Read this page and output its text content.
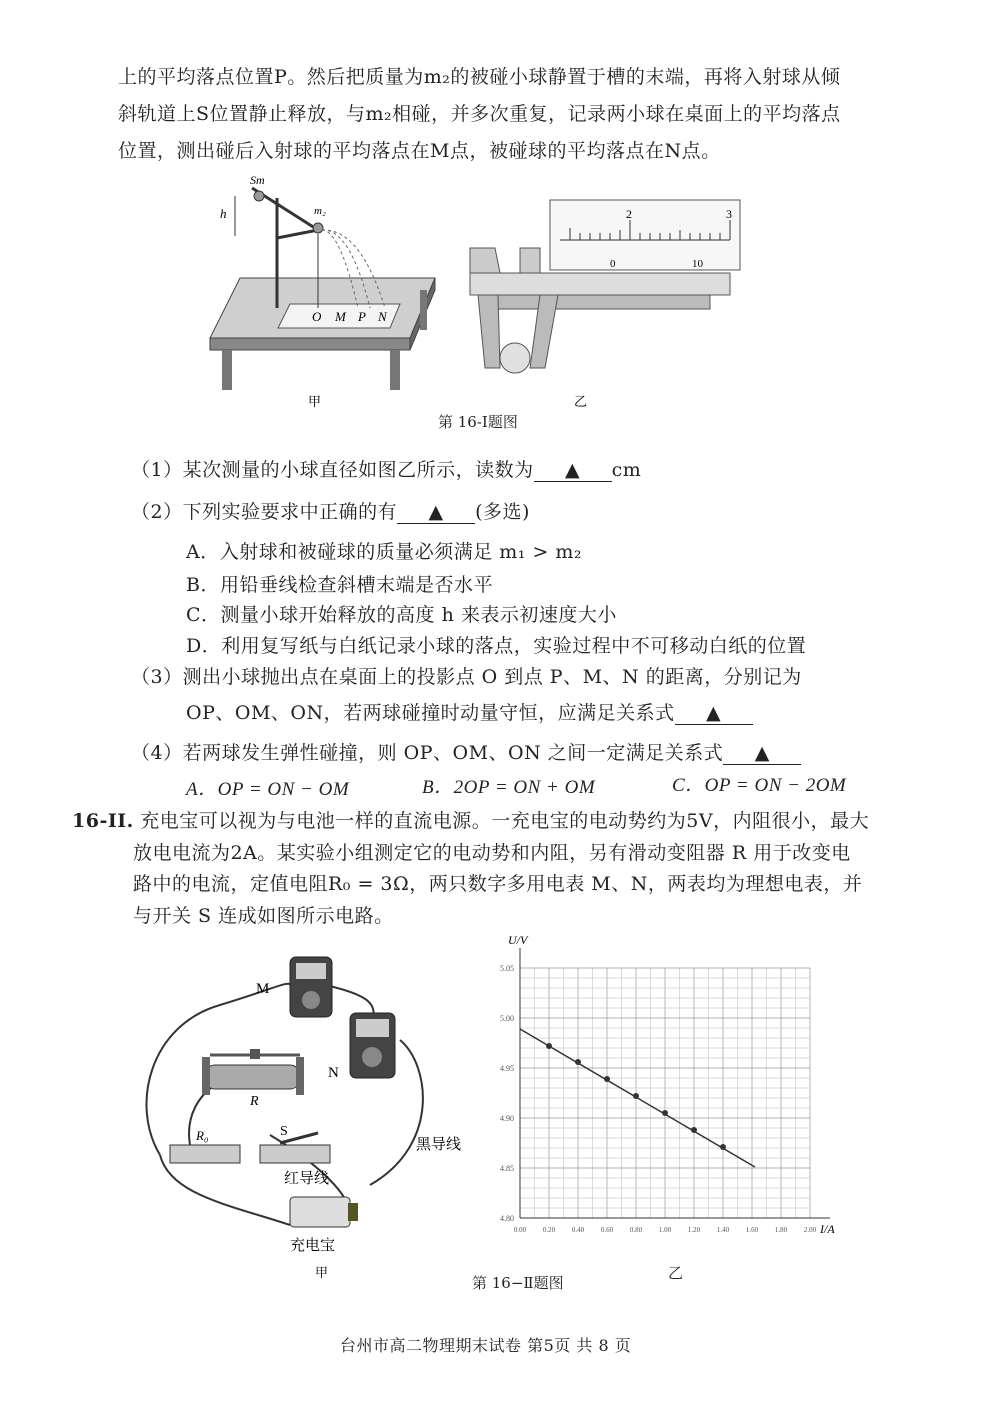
上的平均落点位置P。然后把质量为m₂的被碰小球静置于槽的末端，再将入射球从倾
斜轨道上S位置静止释放，与m₂相碰，并多次重复，记录两小球在桌面上的平均落点
位置，测出碰后入射球的平均落点在M点，被碰球的平均落点在N点。
Sm
h	m₂
O M P N
甲
2	3
0	10
乙
第 16-Ⅰ题图
（1）某次测量的小球直径如图乙所示，读数为 ▲ cm
（2）下列实验要求中正确的有 ▲ (多选)
A．入射球和被碰球的质量必须满足 m₁ > m₂
B．用铅垂线检查斜槽末端是否水平
C．测量小球开始释放的高度 h 来表示初速度大小
D．利用复写纸与白纸记录小球的落点，实验过程中不可移动白纸的位置
（3）测出小球抛出点在桌面上的投影点 O 到点 P、M、N 的距离，分别记为
OP、OM、ON，若两球碰撞时动量守恒，应满足关系式 ▲
（4）若两球发生弹性碰撞，则 OP、OM、ON 之间一定满足关系式 ▲
A．OP = ON − OM	B．2OP = ON + OM	C．OP = ON − 2OM
16-II. 充电宝可以视为与电池一样的直流电源。一充电宝的电动势约为5V，内阻很小，最大
放电电流为2A。某实验小组测定它的电动势和内阻，另有滑动变阻器 R 用于改变电
路中的电流，定值电阻R₀ = 3Ω，两只数字多用电表 M、N，两表均为理想电表，并
与开关 S 连成如图所示电路。
M
N
R
R₀	S
黑导线
红导线
充电宝
甲
4.80
4.85
4.90
4.95
5.00
5.05
0.00 0.20 0.40 0.60 0.80 1.00 1.20 1.40 1.60 1.80 2.00
U/V
I/A
第 16−Ⅱ题图
乙
台州市高二物理期末试卷 第5页 共 8 页
